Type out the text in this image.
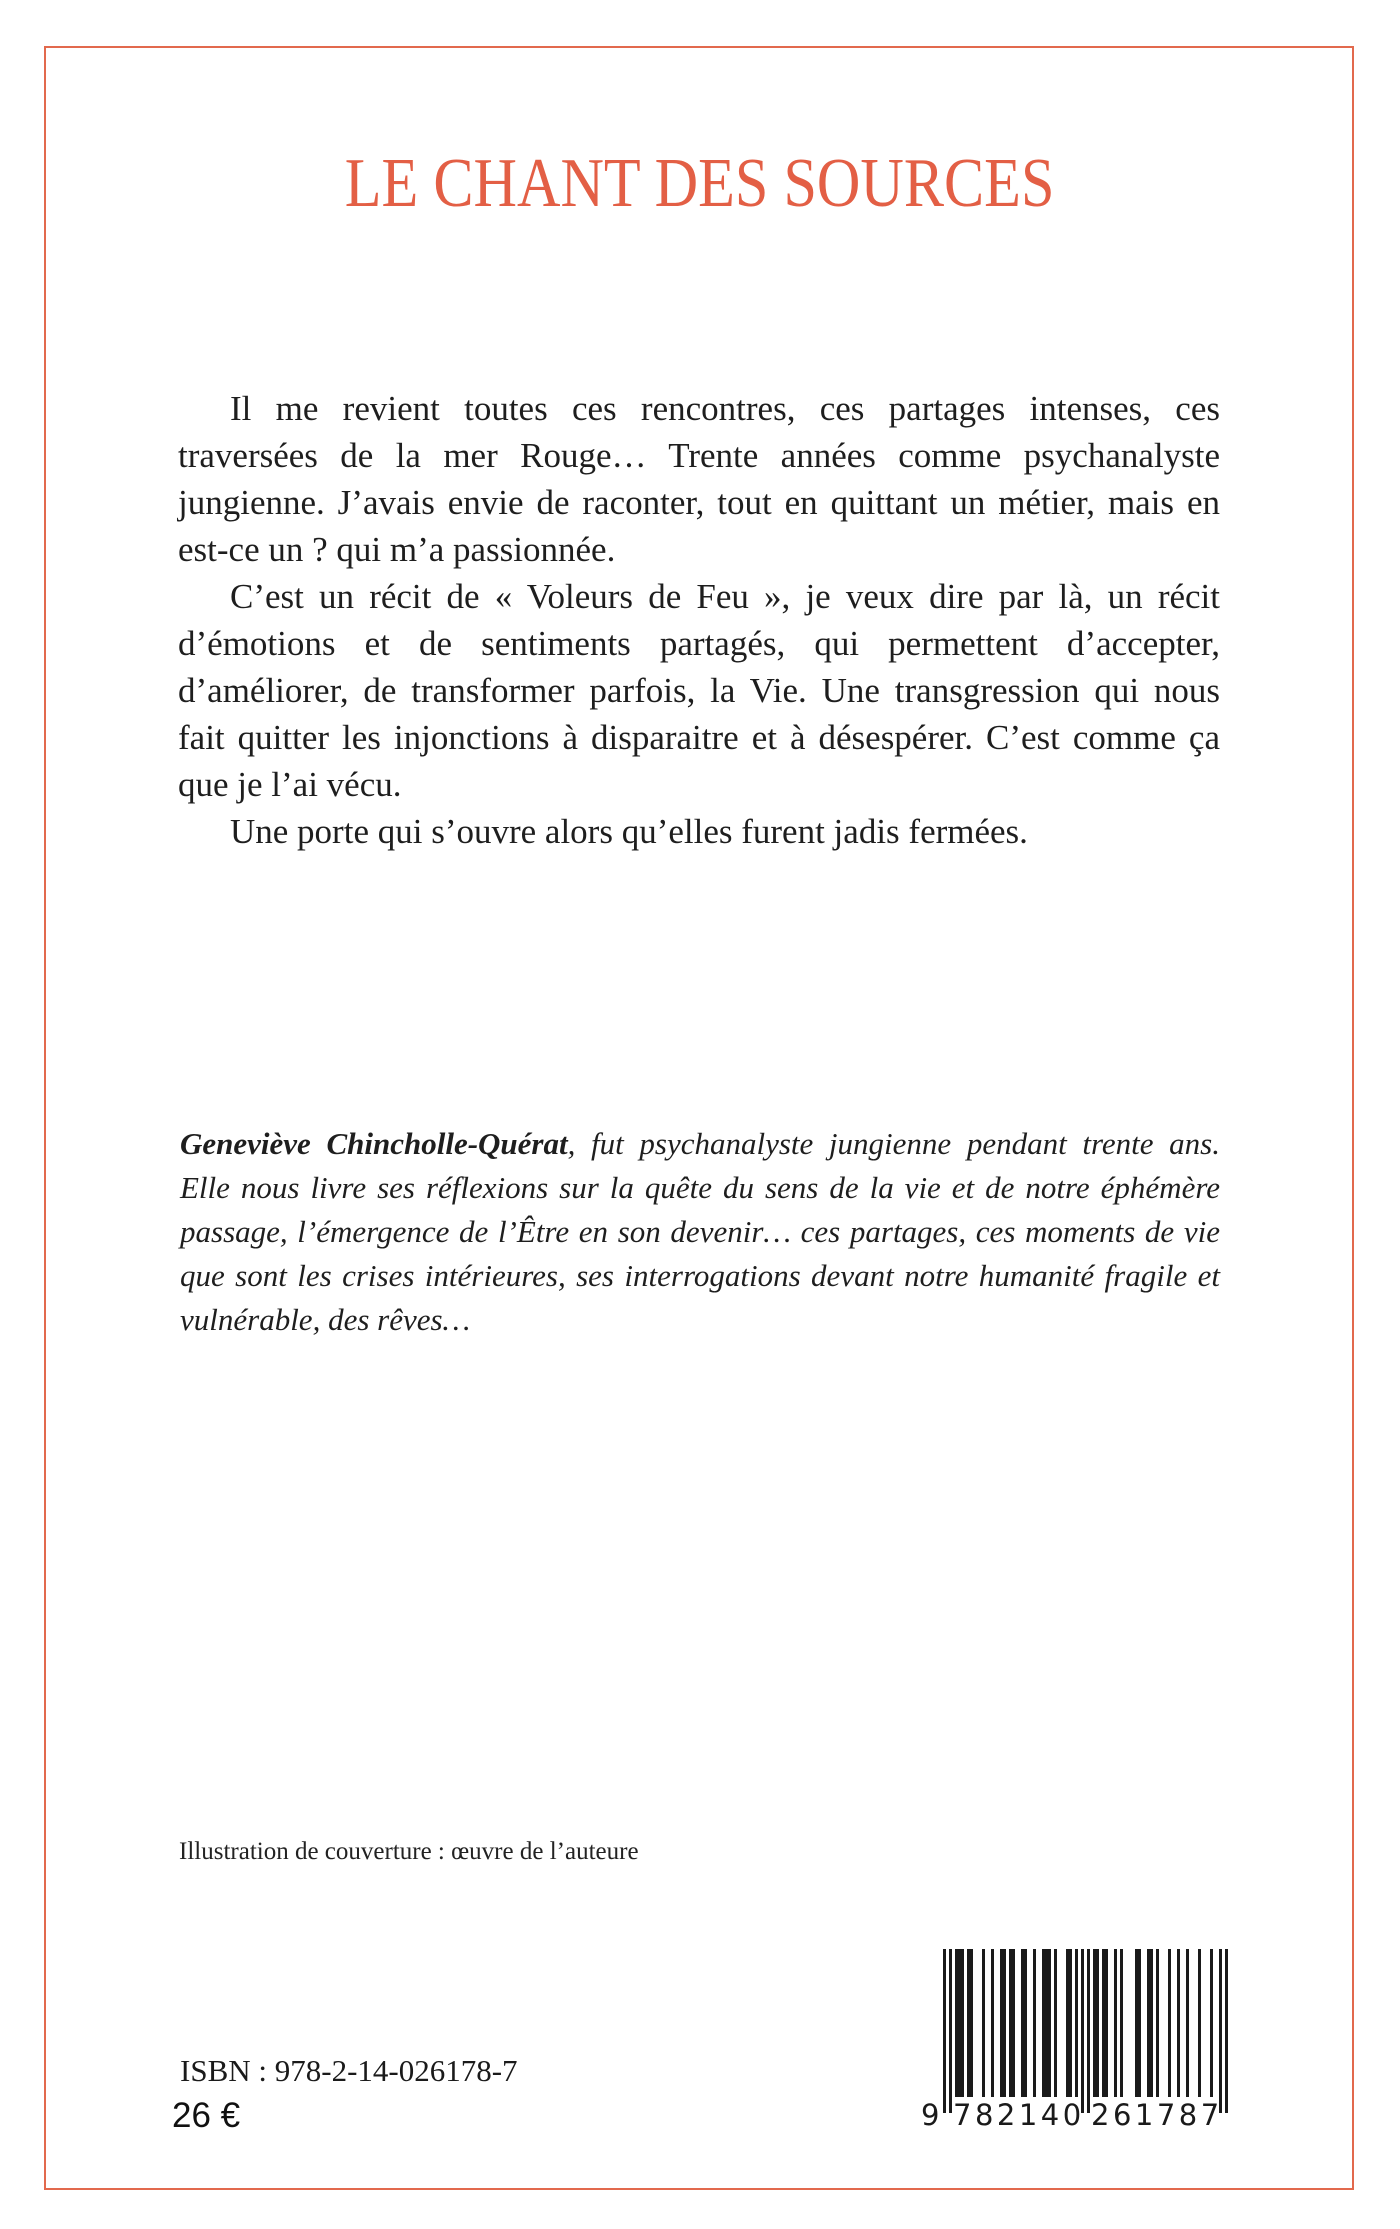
LE CHANT DES SOURCES

Il me revient toutes ces rencontres, ces partages intenses, ces traversées de la mer Rouge… Trente années comme psychanalyste jungienne. J’avais envie de raconter, tout en quittant un métier, mais en est-ce un ? qui m’a passionnée.

C’est un récit de « Voleurs de Feu », je veux dire par là, un récit d’émotions et de sentiments partagés, qui permettent d’accepter, d’améliorer, de transformer parfois, la Vie. Une transgression qui nous fait quitter les injonctions à disparaitre et à désespérer. C’est comme ça que je l’ai vécu.

Une porte qui s’ouvre alors qu’elles furent jadis fermées.

Geneviève Chincholle-Quérat, fut psychanalyste jungienne pendant trente ans. Elle nous livre ses réflexions sur la quête du sens de la vie et de notre éphémère passage, l’émergence de l’Être en son devenir… ces partages, ces moments de vie que sont les crises intérieures, ses interrogations devant notre humanité fragile et vulnérable, des rêves…

Illustration de couverture : œuvre de l’auteure
ISBN : 978-2-14-026178-7
26 €	9 782140 261787
